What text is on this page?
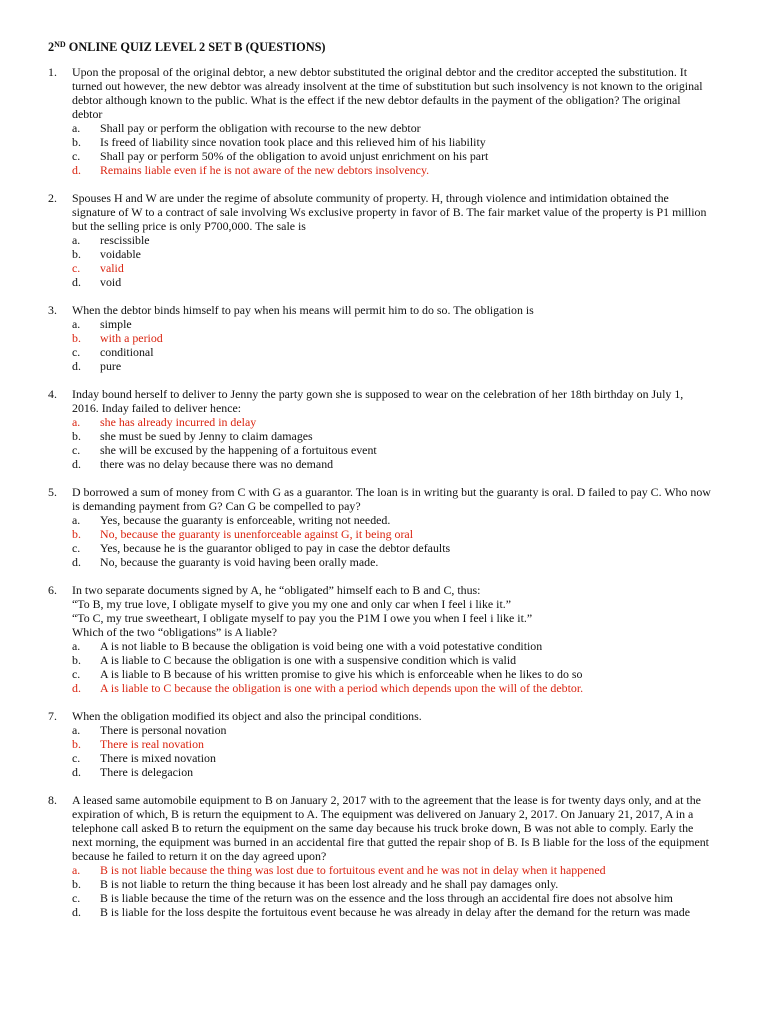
2ND ONLINE QUIZ LEVEL 2 SET B (QUESTIONS)
1.	Upon the proposal of the original debtor, a new debtor substituted the original debtor and the creditor accepted the substitution. It turned out however, the new debtor was already insolvent at the time of substitution but such insolvency is not known to the original debtor although known to the public. What is the effect if the new debtor defaults in the payment of the obligation? The original debtor
a.	Shall pay or perform the obligation with recourse to the new debtor
b.	Is freed of liability since novation took place and this relieved him of his liability
c.	Shall pay or perform 50% of the obligation to avoid unjust enrichment on his part
d.	Remains liable even if he is not aware of the new debtors insolvency.
2.	Spouses H and W are under the regime of absolute community of property. H, through violence and intimidation obtained the signature of W to a contract of sale involving Ws exclusive property in favor of B. The fair market value of the property is P1 million but the selling price is only P700,000. The sale is
a.	rescissible
b.	voidable
c.	valid
d.	void
3.	When the debtor binds himself to pay when his means will permit him to do so. The obligation is
a.	simple
b.	with a period
c.	conditional
d.	pure
4.	Inday bound herself to deliver to Jenny the party gown she is supposed to wear on the celebration of her 18th birthday on July 1, 2016. Inday failed to deliver hence:
a.	she has already incurred in delay
b.	she must be sued by Jenny to claim damages
c.	she will be excused by the happening of a fortuitous event
d.	there was no delay because there was no demand
5.	D borrowed a sum of money from C with G as a guarantor. The loan is in writing but the guaranty is oral. D failed to pay C. Who now is demanding payment from G? Can G be compelled to pay?
a.	Yes, because the guaranty is enforceable, writing not needed.
b.	No, because the guaranty is unenforceable against G, it being oral
c.	Yes, because he is the guarantor obliged to pay in case the debtor defaults
d.	No, because the guaranty is void having been orally made.
6.	In two separate documents signed by A, he “obligated” himself each to B and C, thus:
“To B, my true love, I obligate myself to give you my one and only car when I feel i like it.”
“To C, my true sweetheart, I obligate myself to pay you the P1M I owe you when I feel i like it.”
Which of the two “obligations” is A liable?
a.	A is not liable to B because the obligation is void being one with a void potestative condition
b.	A is liable to C because the obligation is one with a suspensive condition which is valid
c.	A is liable to B because of his written promise to give his which is enforceable when he likes to do so
d.	A is liable to C because the obligation is one with a period which depends upon the will of the debtor.
7.	When the obligation modified its object and also the principal conditions.
a.	There is personal novation
b.	There is real novation
c.	There is mixed novation
d.	There is delegacion
8.	A leased same automobile equipment to B on January 2, 2017 with to the agreement that the lease is for twenty days only, and at the expiration of which, B is return the equipment to A. The equipment was delivered on January 2, 2017. On January 21, 2017, A in a telephone call asked B to return the equipment on the same day because his truck broke down, B was not able to comply. Early the next morning, the equipment was burned in an accidental fire that gutted the repair shop of B. Is B liable for the loss of the equipment because he failed to return it on the day agreed upon?
a.	B is not liable because the thing was lost due to fortuitous event and he was not in delay when it happened
b.	B is not liable to return the thing because it has been lost already and he shall pay damages only.
c.	B is liable because the time of the return was on the essence and the loss through an accidental fire does not absolve him
d.	B is liable for the loss despite the fortuitous event because he was already in delay after the demand for the return was made
